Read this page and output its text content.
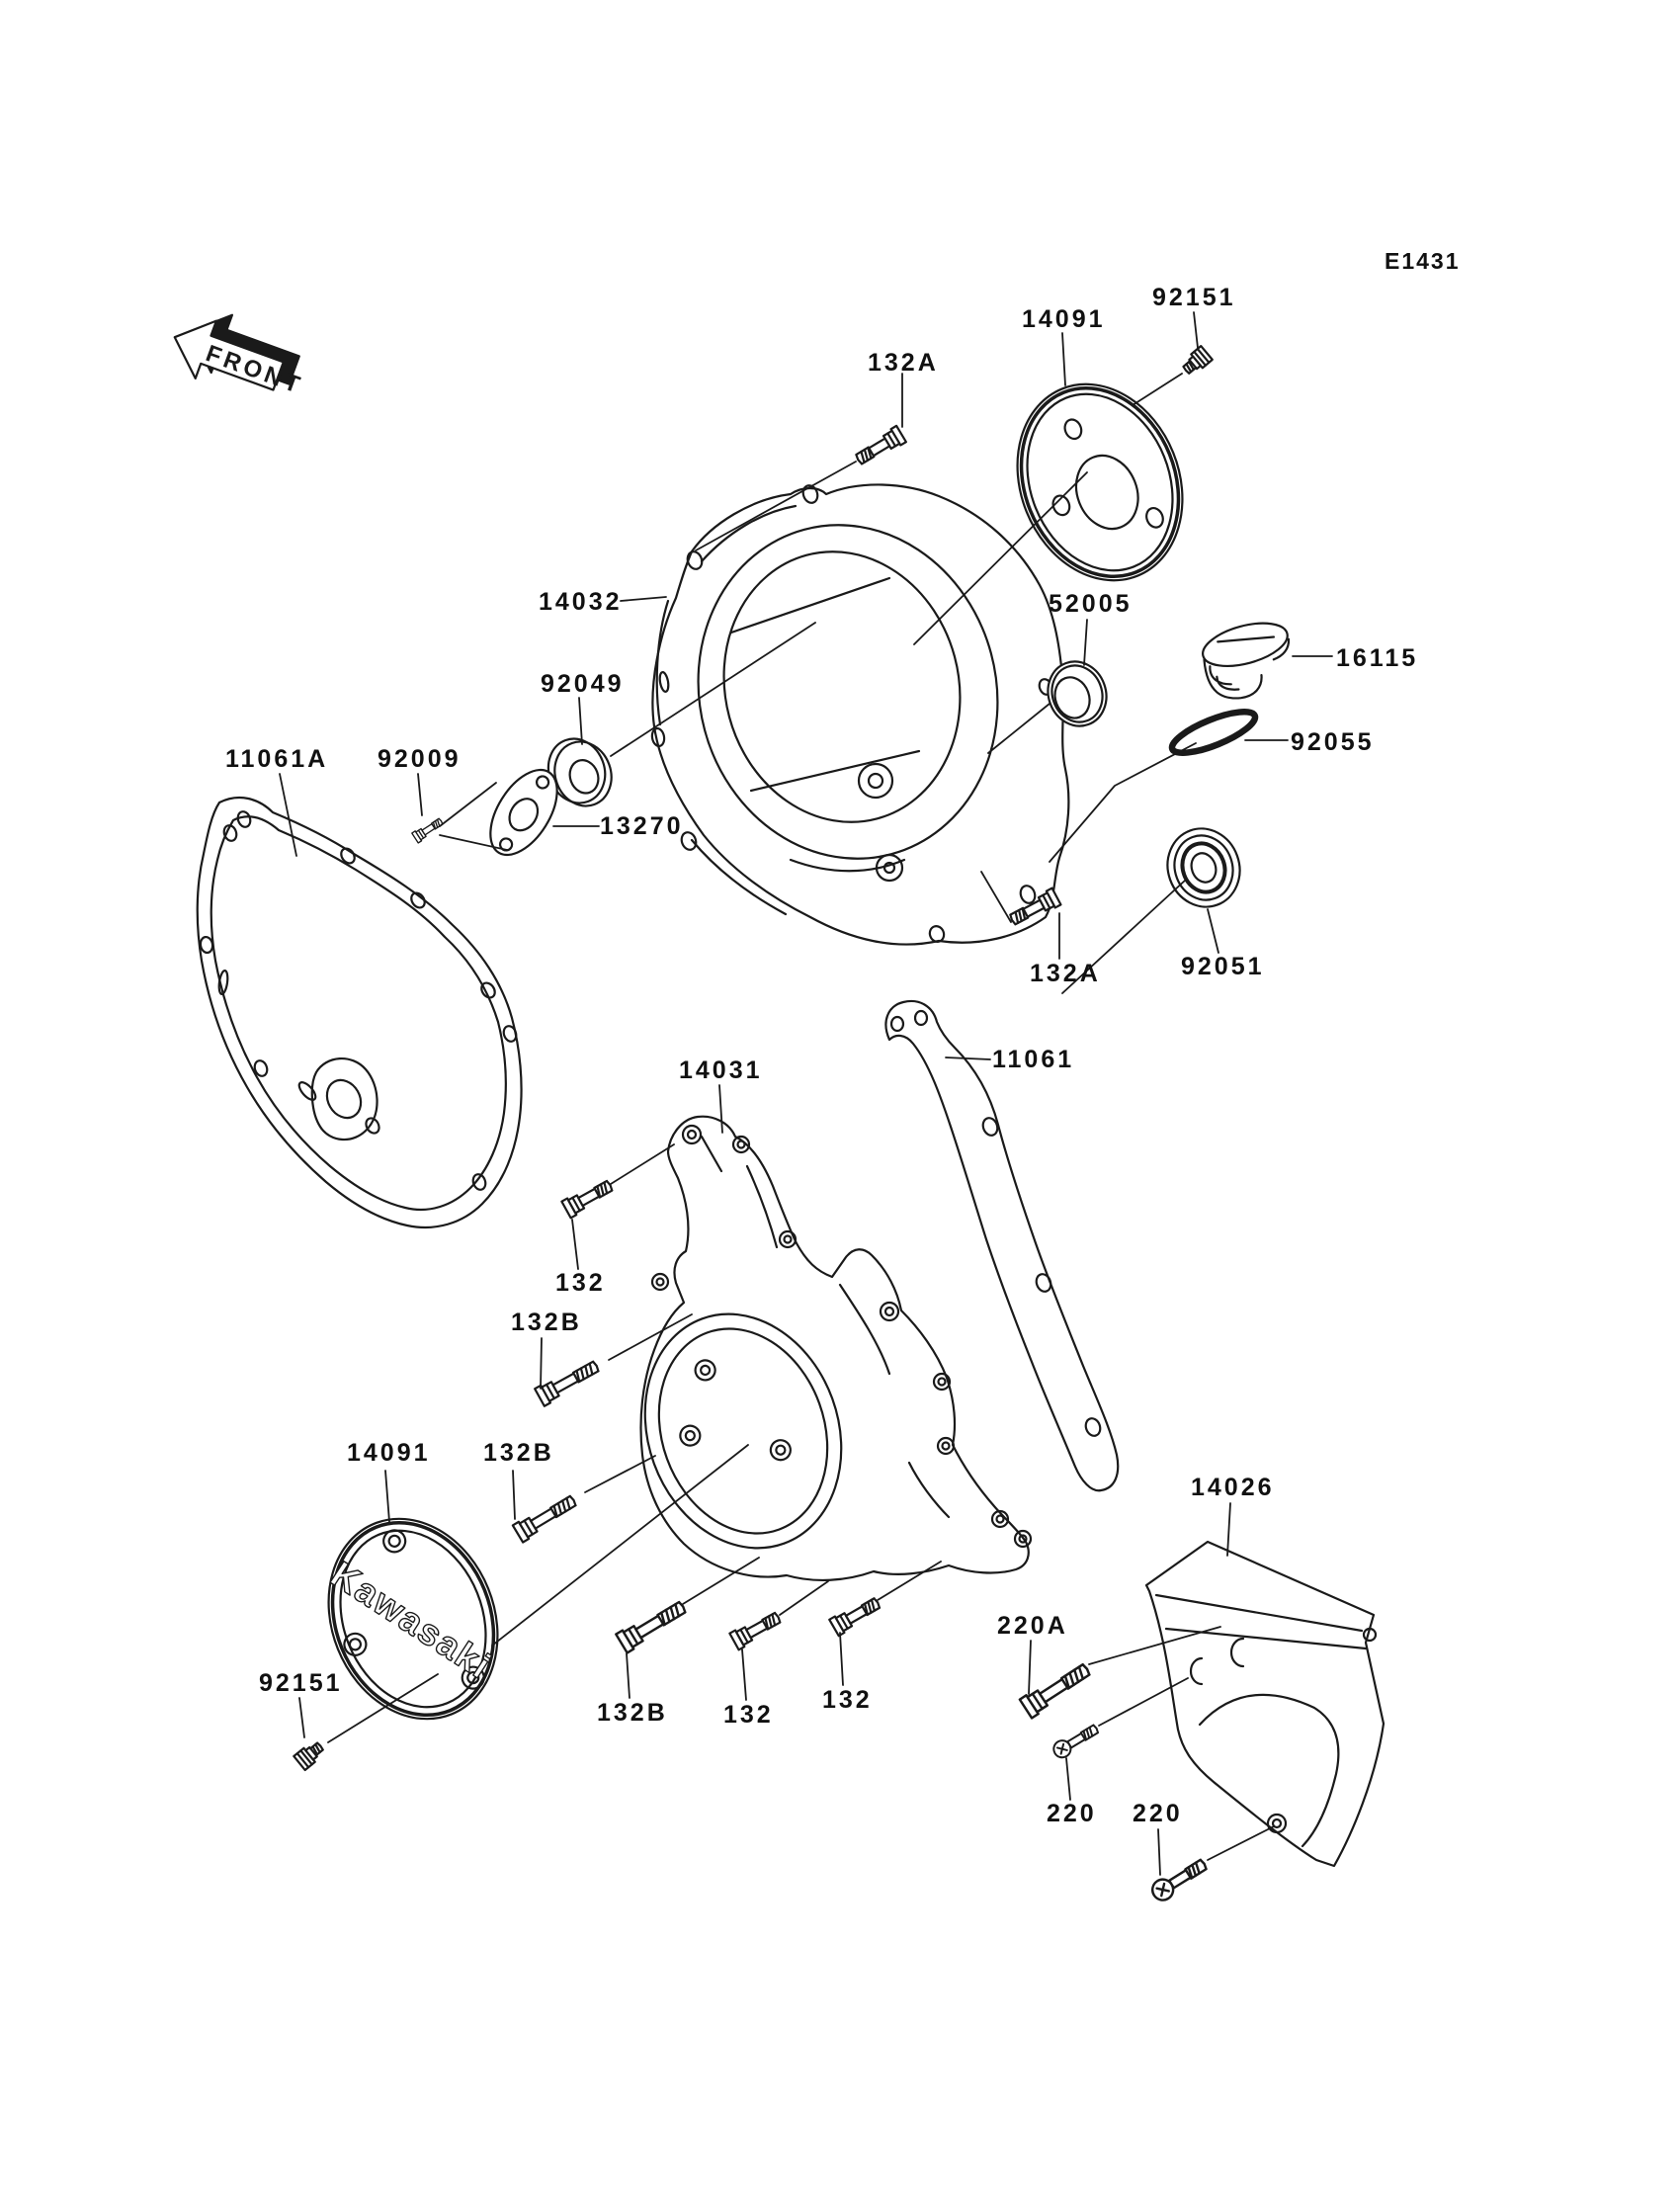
FRONT
Kawasaki
132A
14091
92151
14032
92049
52005
16115
92055
11061A 92009
13270
132A	92051
14031	11061
132
132B
14091 132B
14026
220A
92151
132B 132
132
220 220
E1431
